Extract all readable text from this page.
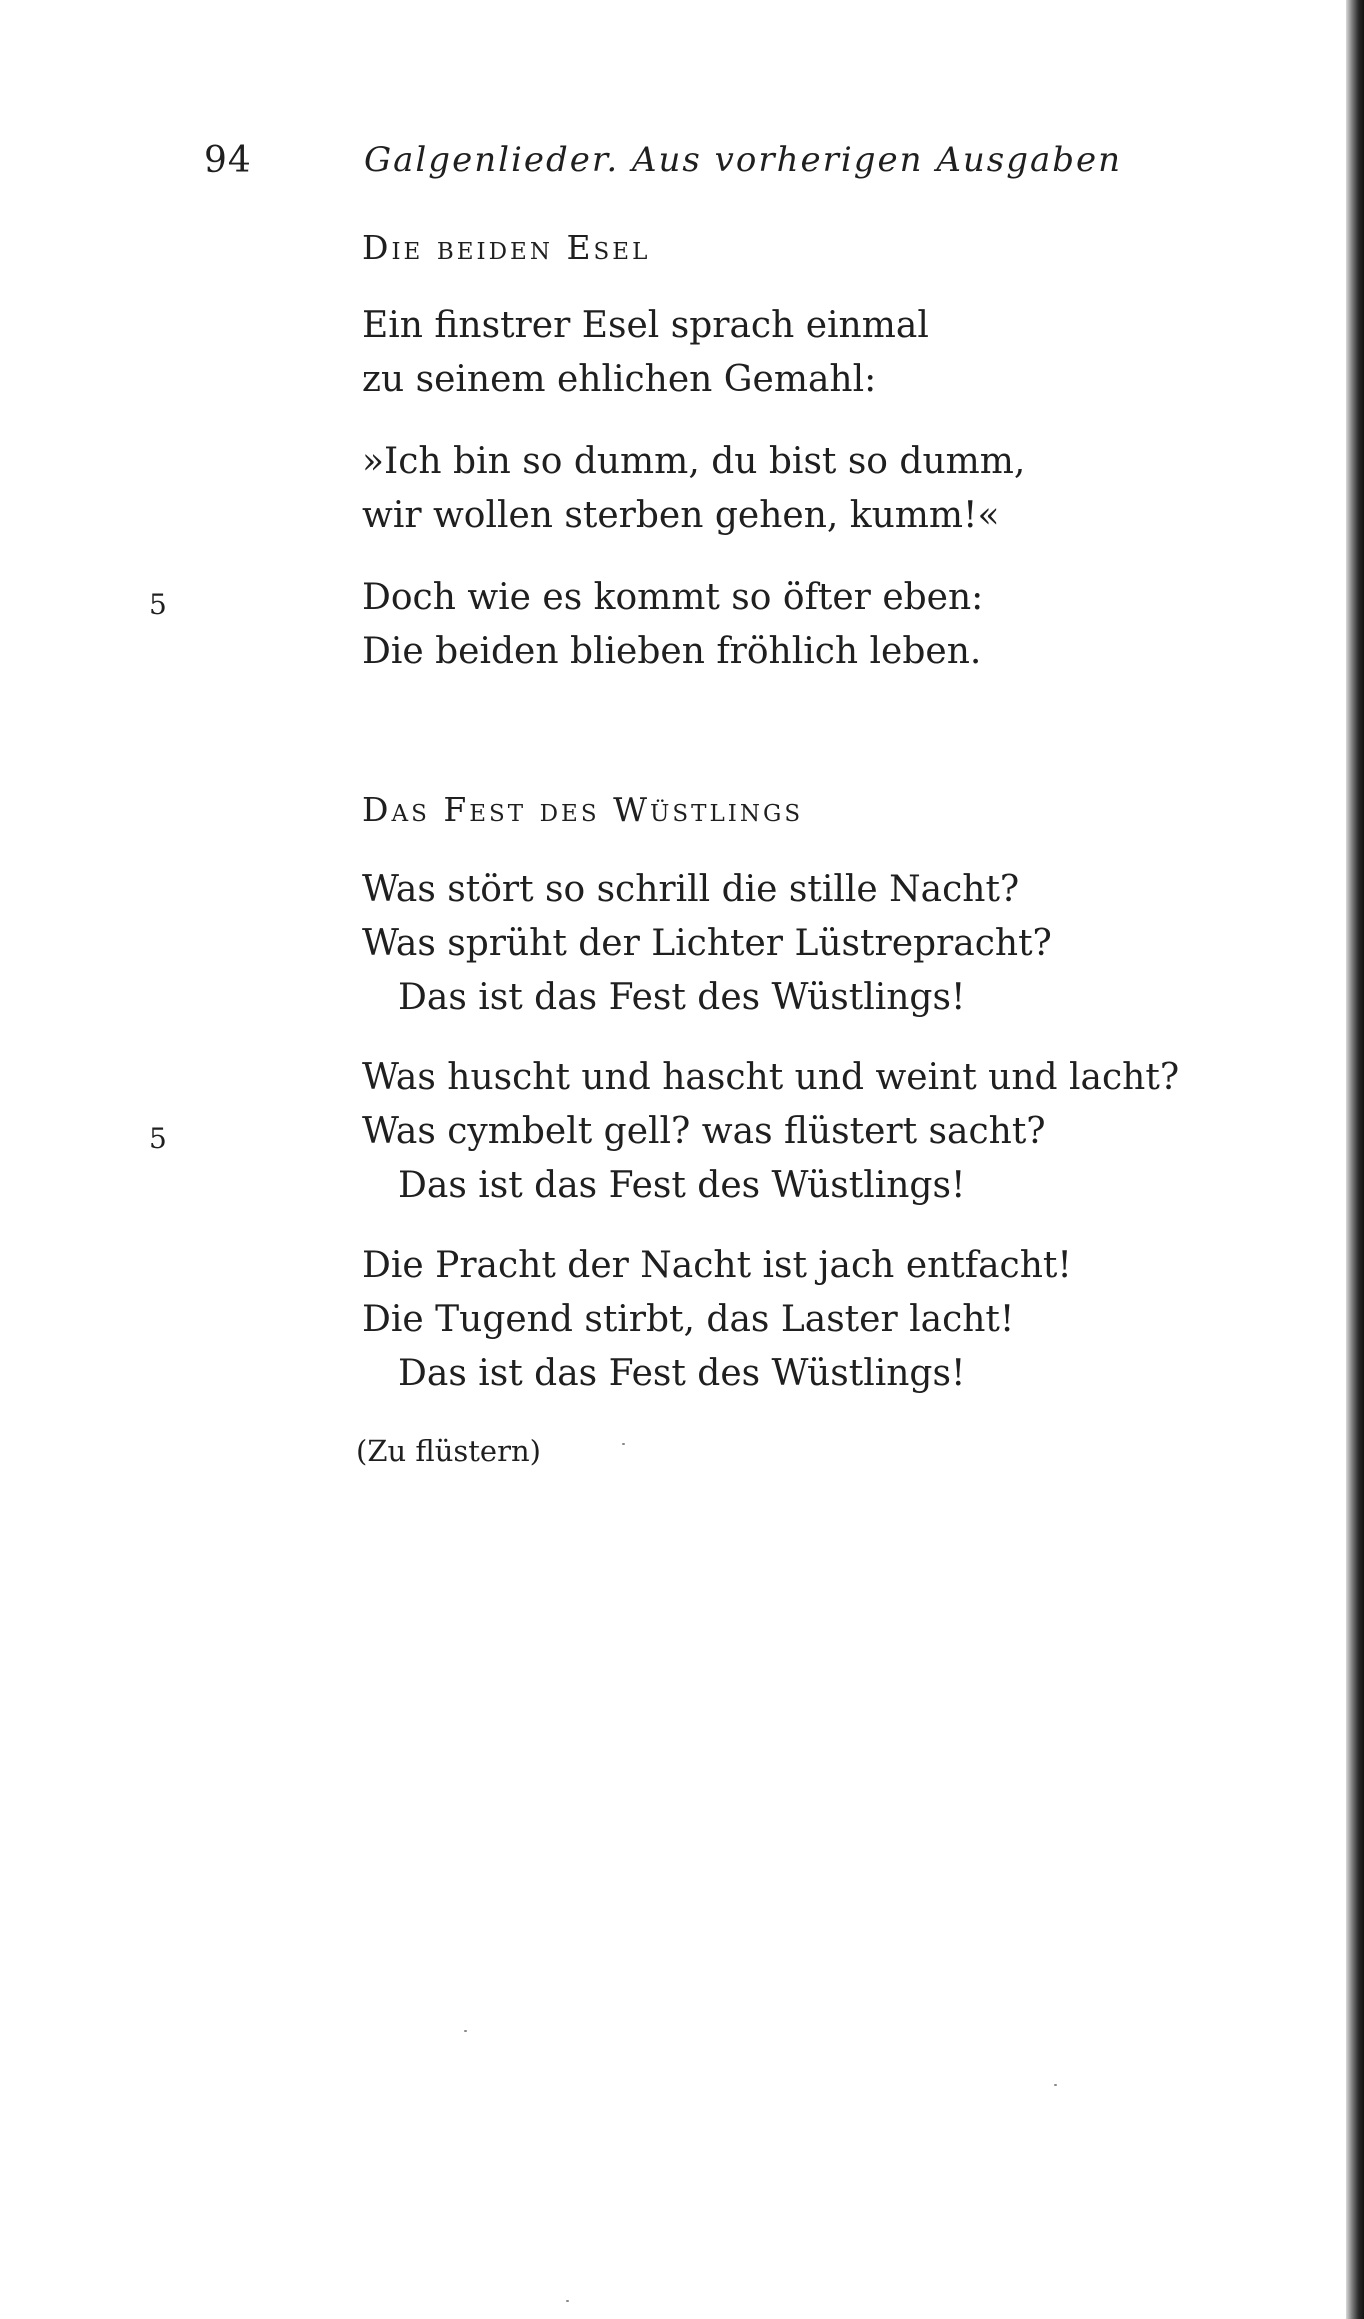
94	Galgenlieder. Aus vorherigen Ausgaben
Die beiden Esel
Ein finstrer Esel sprach einmal
zu seinem ehlichen Gemahl:
»Ich bin so dumm, du bist so dumm,
wir wollen sterben gehen, kumm!«
5	Doch wie es kommt so öfter eben:
Die beiden blieben fröhlich leben.
Das Fest des Wüstlings
Was stört so schrill die stille Nacht?
Was sprüht der Lichter Lüstrepracht?
Das ist das Fest des Wüstlings!
Was huscht und hascht und weint und lacht?
5	Was cymbelt gell? was flüstert sacht?
Das ist das Fest des Wüstlings!
Die Pracht der Nacht ist jach entfacht!
Die Tugend stirbt, das Laster lacht!
Das ist das Fest des Wüstlings!
(Zu flüstern)
